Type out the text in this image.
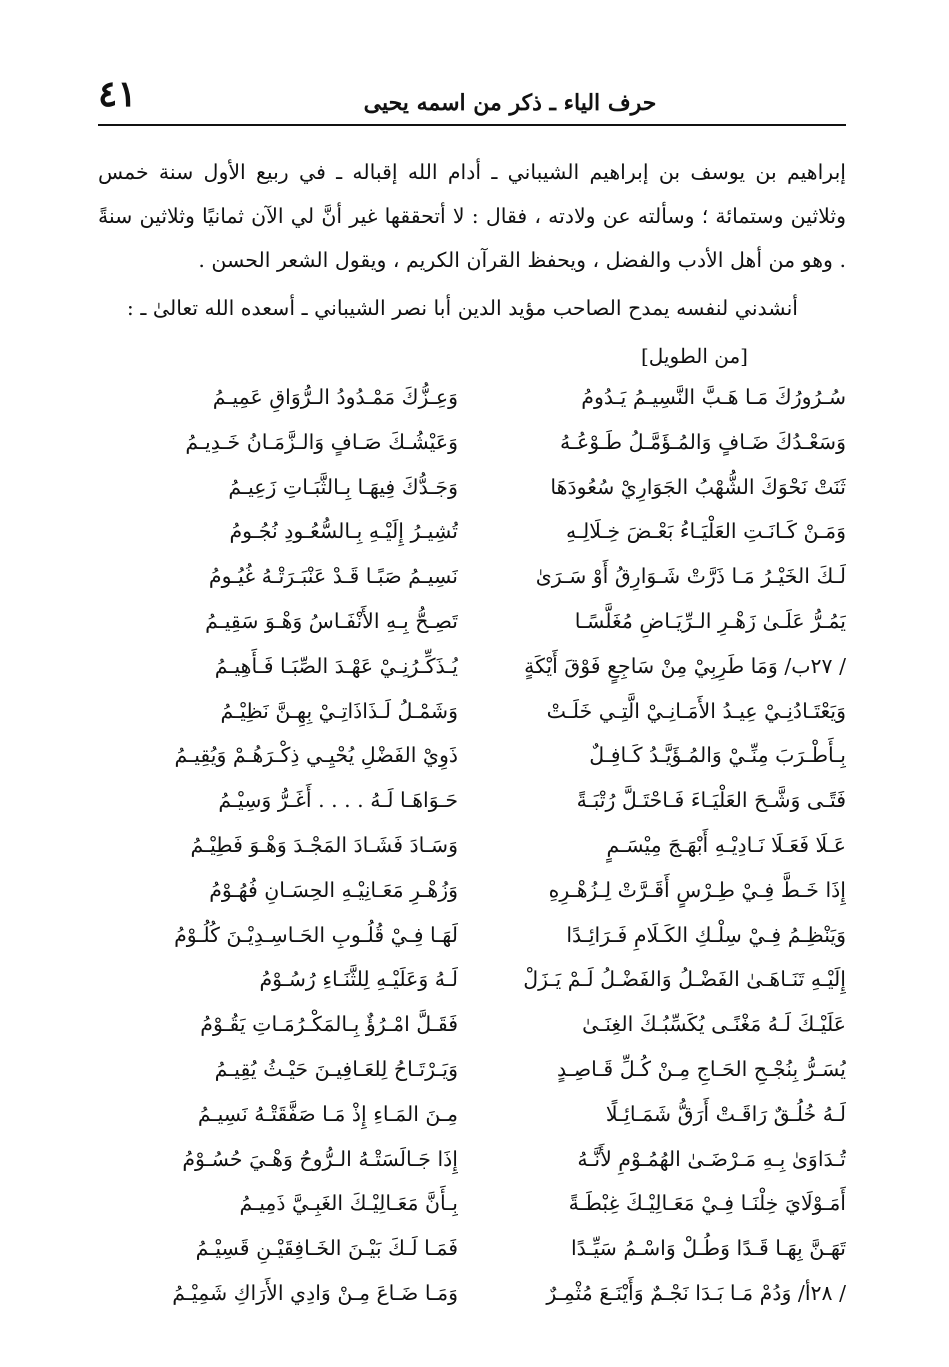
٤١	حرف الياء ـ ذكر من اسمه يحيى

إبراهيم بن يوسف بن إبراهيم الشيباني ـ أدام الله إقباله ـ في ربيع الأول سنة خمس وثلاثين وستمائة ؛ وسألته عن ولادته ، فقال : لا أتحققها غير أنَّ لي الآن ثمانيًا وثلاثين سنةً . وهو من أهل الأدب والفضل ، ويحفظ القرآن الكريم ، ويقول الشعر الحسن .

أنشدني لنفسه يمدح الصاحب مؤيد الدين أبا نصر الشيباني ـ أسعده الله تعالىٰ ـ :
[من الطويل]
سُـرُورُكَ مَـا هَـبَّ النَّسِيـمُ يَـدُومُ
وَعِـزُّكَ مَمْـدُودُ الـرُّوَاقِ عَمِيـمُ
وَسَعْـدُكَ ضَـافٍ وَالمُـؤَمَّـلُ طَـوْعُـهُ
وَعَيْشُـكَ صَـافٍ وَالـزَّمَـانُ خَـدِيـمُ
ثَنَتْ نَحْوَكَ الشُّهْبُ الجَوَارِيْ سُعُودَهَا
وَجَـدُّكَ فِيهَـا بِـالثَّبَـاتِ زَعِيـمُ
وَمَـنْ كَـانَـتِ العَلْيَـاءُ بَعْـضَ خِـلَالِـهِ
تُشِيـرُ إِلَيْـهِ بِـالسُّعُـودِ نُجُـومُ
لَـكَ الخَيْـرُ مَـا ذَرَّتْ شَـوَارِقُ أَوْ سَـرَىٰ
نَسِيـمُ صَبًـا قَـدْ عَنْبَـرَتْـهُ غُيُـومُ
يَمُـرُّ عَلَـىٰ زَهْـرِ الـرِّيَـاضِ مُغَلَّسًـا
تَصِـحُّ بِـهِ الأَنْفَـاسُ وَهْـوَ سَقِيـمُ
/ ٢٧ب/ وَمَا طَرِبِيْ مِنْ سَاجِعٍ فَوْقَ أَيْكَةٍ
يُـذَكِّـرُنِـيْ عَهْـدَ الصِّبَـا فَـأَهِيـمُ
وَيَعْتَـادُنِـيْ عِيـدُ الأَمَـانِـيْ الَّتِـي خَلَـتْ
وَشَمْـلُ لَـذَاذَاتِـيْ بِهِـنَّ نَظِيْـمُ
بِـأَطْـرَبَ مِنِّـيْ وَالمُـؤَيَّـدُ كَـافِـلٌ
ذَوِيْ الفَضْلِ يُحْيِـي ذِكْـرَهُـمْ وَيُقِيـمُ
فَتًـى وَشَّـحَ العَلْيَـاءَ فَـاحْتَـلَّ رُتْبَـةً
حَـوَاهَـا لَـهُ . . . . أَغَـرُّ وَسِيْـمُ
عَـلَا فَعَـلَا نَـادِيْـهِ أَبْهَـجَ مِيْسَـمٍ
وَسَـادَ فَشَـادَ المَجْـدَ وَهْـوَ فَطِيْـمُ
إِذَا خَـطَّ فِـيْ طِـرْسٍ أَقَـرَّتْ لِـزُهْـرِهِ
وَزُهْـرِ مَعَـانِيْـهِ الحِسَـانِ فُهُـوْمُ
وَيَنْظِـمُ فِـيْ سِلْـكِ الكَـلَامِ فَـرَائِـدًا
لَهَـا فِـيْ قُلُـوبِ الحَـاسِـدِيْـنَ كُلُـوْمُ
إِلَيْـهِ تَنَـاهَـىٰ الفَضْـلُ وَالفَضْـلُ لَـمْ يَـزَلْ
لَـهُ وَعَلَيْـهِ لِلثَّنَـاءِ رُسُـوْمُ
عَلَيْـكَ لَـهُ مَغْنًـى يُكَسِّبُـكَ الغِنَـىٰ
فَقَـلَّ امْـرُؤٌ بِـالمَكْـرُمَـاتِ يَقُـوْمُ
يُسَـرُّ بِنُجْـحِ الحَـاجِ مِـنْ كُـلِّ قَـاصِـدٍ
وَيَـرْتَـاحُ لِلعَـافِيـنَ حَيْـثُ يُقِيـمُ
لَـهُ خُلُـقٌ رَاقَـتْ أَرَقُّ شَمَـائِـلًا
مِـنَ المَـاءِ إِذْ مَـا صَفَّقَتْـهُ نَسِيـمُ
تُـدَاوَىٰ بِـهِ مَـرْضَـىٰ الهُمُـوْمِ لأَنَّـهُ
إِذَا جَـالَسَتْـهُ الـرُّوحُ وَهْـيَ حُسُـوْمُ
أَمَـوْلَايَ خِلْنَـا فِـيْ مَعَـالِيْـكَ غِبْطَـةً
بِـأَنَّ مَعَـالِيْـكَ الغَبِـيَّ ذَمِيـمُ
تَهَـنَّ بِهَـا قَـدًا وَطُـلْ وَاسْـمُ سَيِّـدًا
فَمَـا لَـكَ بَيْـنَ الخَـافِقَيْـنِ قَسِيْـمُ
/ ٢٨أ/ وَدُمْ مَـا بَـدَا نَجْـمٌ وَأَيْنَـعَ مُثْمِـرٌ
وَمَـا ضَـاعَ مِـنْ وَادِي الأَرَاكِ شَمِيْـمُ
